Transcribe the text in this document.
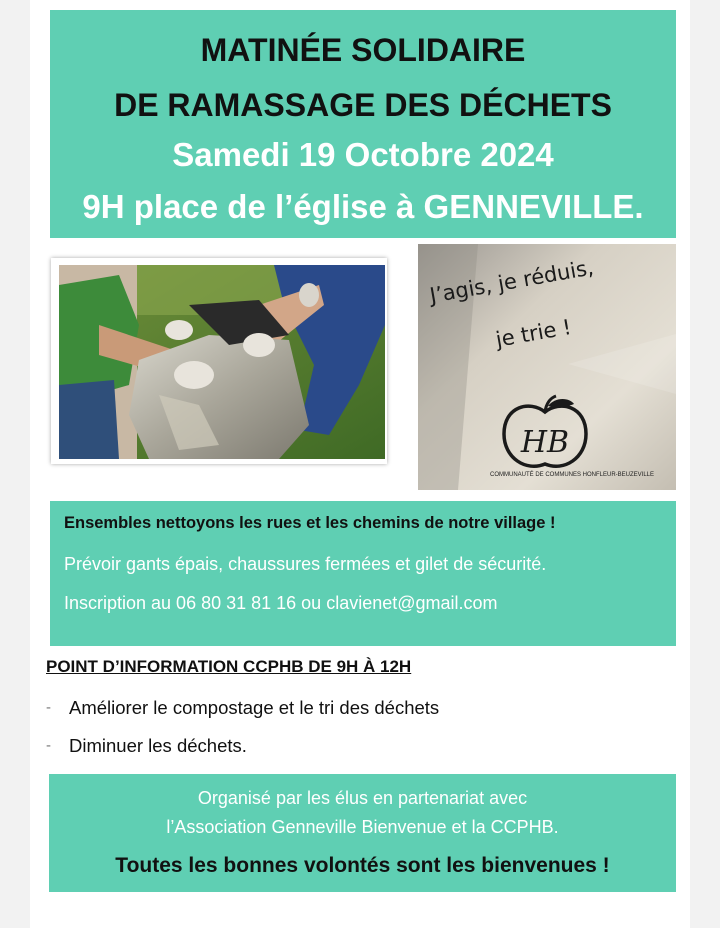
MATINÉE SOLIDAIRE
DE RAMASSAGE DES DÉCHETS
Samedi 19 Octobre 2024
9H place de l’église à GENNEVILLE.
J’agis, je réduis,
je trie !
HB
COMMUNAUTÉ DE COMMUNES HONFLEUR-BEUZEVILLE
Ensembles nettoyons les rues et les chemins de notre village !
Prévoir gants épais, chaussures fermées et gilet de sécurité.
Inscription au 06 80 31 81 16 ou clavienet@gmail.com
POINT D’INFORMATION CCPHB DE 9H À 12H
- Améliorer le compostage et le tri des déchets
- Diminuer les déchets.
Organisé par les élus en partenariat avec
l’Association Genneville Bienvenue et la CCPHB.
Toutes les bonnes volontés sont les bienvenues !
